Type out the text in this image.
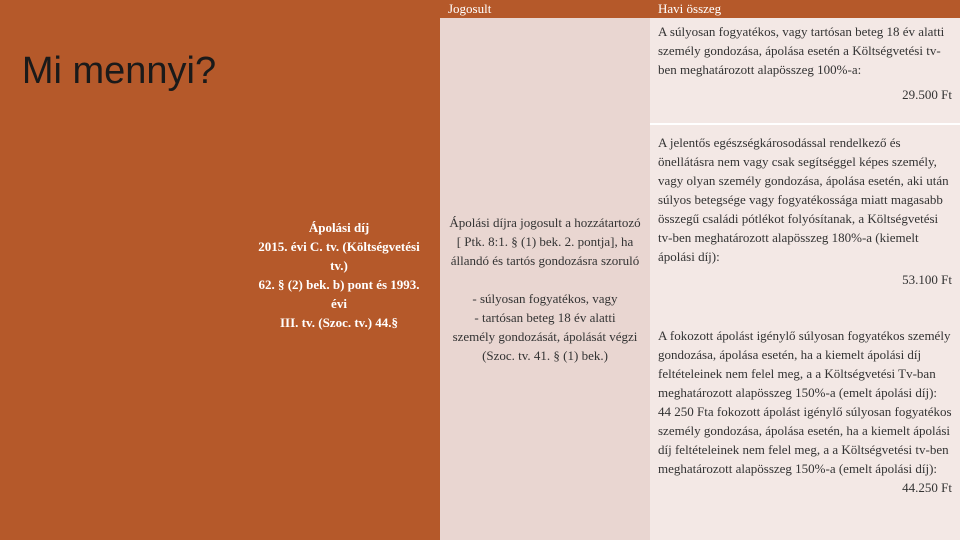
Mi mennyi?
Ápolási díj
2015. évi C. tv. (Költségvetési tv.)
62. § (2) bek. b) pont és 1993. évi
III. tv. (Szoc. tv.) 44.§
Jogosult	Havi összeg
Ápolási díjra jogosult a hozzátartozó
[ Ptk. 8:1. § (1) bek. 2. pontja], ha
állandó és tartós gondozásra szoruló

- súlyosan fogyatékos, vagy
- tartósan beteg 18 év alatti
személy gondozását, ápolását végzi
(Szoc. tv. 41. § (1) bek.)
A súlyosan fogyatékos, vagy tartósan beteg 18 év alatti személy gondozása, ápolása esetén a Költségvetési tv-ben meghatározott alapösszeg 100%-a:
29.500 Ft
A jelentős egészségkárosodással rendelkező és önellátásra nem vagy csak segítséggel képes személy, vagy olyan személy gondozása, ápolása esetén, aki után súlyos betegsége vagy fogyatékossága miatt magasabb összegű családi pótlékot folyósítanak, a Költségvetési tv-ben meghatározott alapösszeg 180%-a (kiemelt ápolási díj):
53.100 Ft
A fokozott ápolást igénylő súlyosan fogyatékos személy gondozása, ápolása esetén, ha a kiemelt ápolási díj feltételeinek nem felel meg, a a Költségvetési Tv-ban meghatározott alapösszeg 150%-a (emelt ápolási díj): 44 250 Fta fokozott ápolást igénylő súlyosan fogyatékos személy gondozása, ápolása esetén, ha a kiemelt ápolási díj feltételeinek nem felel meg, a a Költségvetési tv-ben meghatározott alapösszeg 150%-a (emelt ápolási díj):
44.250 Ft
